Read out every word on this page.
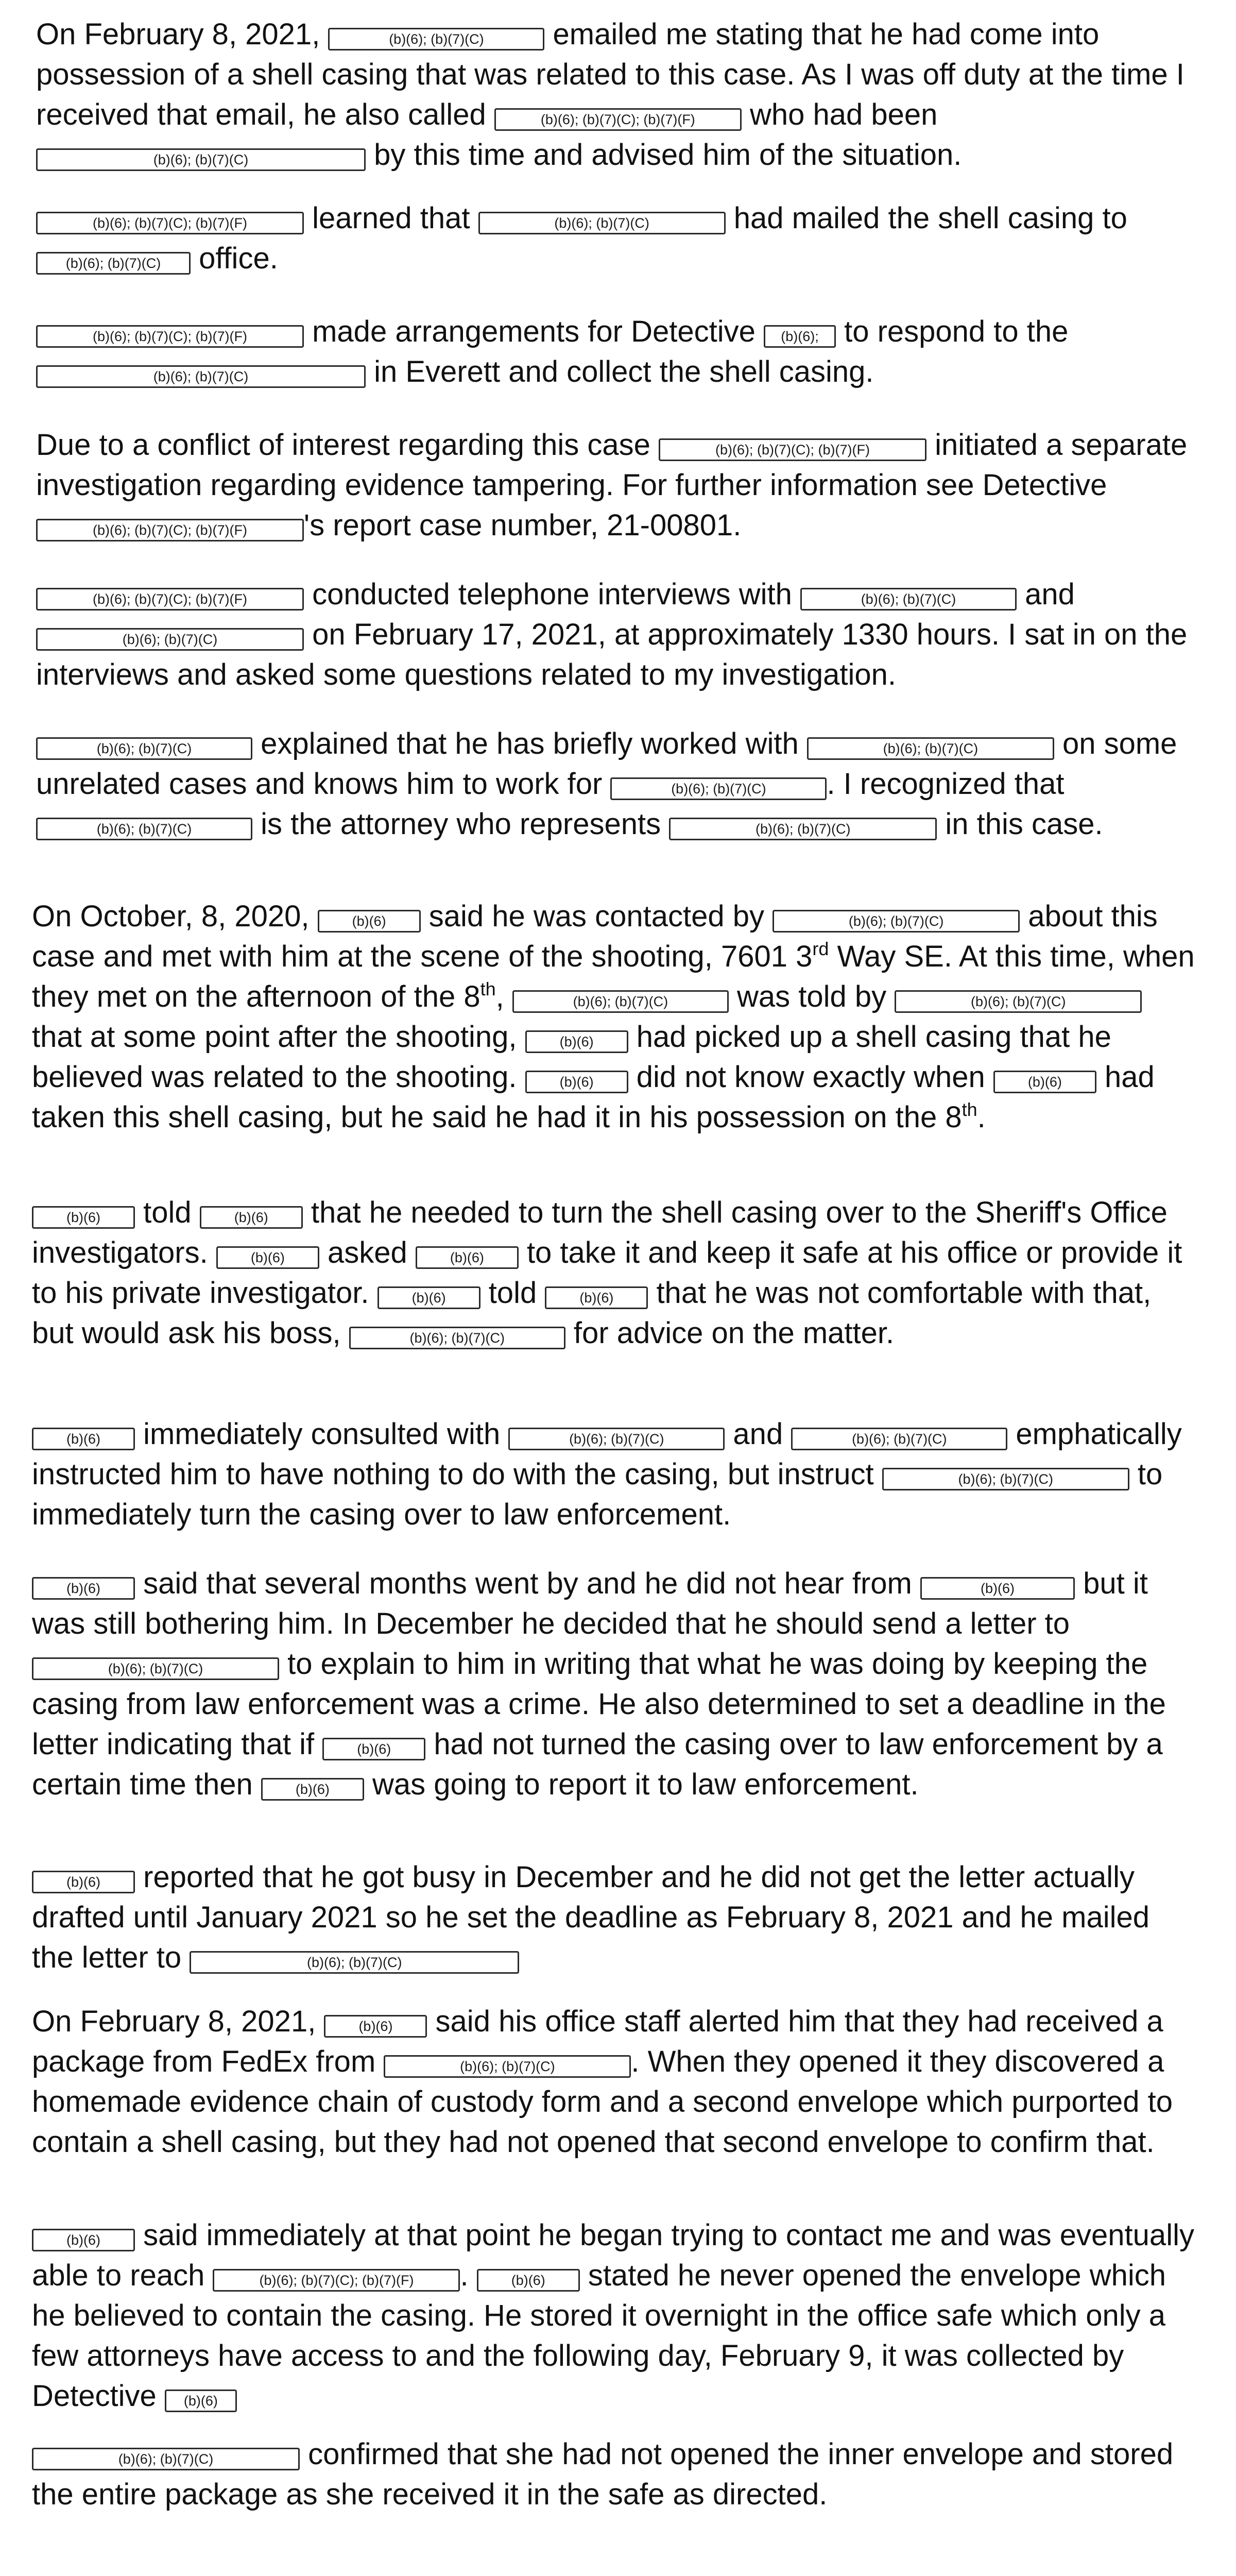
On February 8, 2021,	(b)(6); (b)(7)(C) emailed me stating that he had come into possession of a shell casing that was related to this case. As I was off duty at the time I received that email, he also called	(b)(6); (b)(7)(C); (b)(7)(F) who had been (b)(6); (b)(7)(C)	by this time and advised him of the situation.

(b)(6); (b)(7)(C); (b)(7)(F) learned that	(b)(6); (b)(7)(C)	had mailed the shell casing to (b)(6); (b)(7)(C) office.

(b)(6); (b)(7)(C); (b)(7)(F) made arrangements for Detective (b)(6); to respond to the (b)(6); (b)(7)(C)	in Everett and collect the shell casing.

Due to a conflict of interest regarding this case	(b)(6); (b)(7)(C); (b)(7)(F) initiated a separate investigation regarding evidence tampering. For further information see Detective (b)(6); (b)(7)(C); (b)(7)(F) 's report case number, 21-00801.

(b)(6); (b)(7)(C); (b)(7)(F) conducted telephone interviews with	(b)(6); (b)(7)(C) and (b)(6); (b)(7)(C)	on February 17, 2021, at approximately 1330 hours. I sat in on the interviews and asked some questions related to my investigation.

(b)(6); (b)(7)(C) explained that he has briefly worked with	(b)(6); (b)(7)(C)	on some unrelated cases and knows him to work for	(b)(6); (b)(7)(C) . I recognized that (b)(6); (b)(7)(C) is the attorney who represents	(b)(6); (b)(7)(C)	in this case.

On October, 8, 2020, (b)(6) said he was contacted by	(b)(6); (b)(7)(C)	about this case and met with him at the scene of the shooting, 7601 3rd Way SE. At this time, when they met on the afternoon of the 8th,	(b)(6); (b)(7)(C) was told by	(b)(6); (b)(7)(C) that at some point after the shooting, (b)(6) had picked up a shell casing that he believed was related to the shooting. (b)(6) did not know exactly when (b)(6) had taken this shell casing, but he said he had it in his possession on the 8th.

(b)(6) told (b)(6) that he needed to turn the shell casing over to the Sheriff's Office investigators. (b)(6) asked (b)(6) to take it and keep it safe at his office or provide it to his private investigator. (b)(6) told (b)(6) that he was not comfortable with that, but would ask his boss,	(b)(6); (b)(7)(C) for advice on the matter.

(b)(6) immediately consulted with	(b)(6); (b)(7)(C) and	(b)(6); (b)(7)(C) emphatically instructed him to have nothing to do with the casing, but instruct	(b)(6); (b)(7)(C)	to immediately turn the casing over to law enforcement.

(b)(6) said that several months went by and he did not hear from	(b)(6) but it was still bothering him. In December he decided that he should send a letter to (b)(6); (b)(7)(C)	to explain to him in writing that what he was doing by keeping the casing from law enforcement was a crime. He also determined to set a deadline in the letter indicating that if (b)(6) had not turned the casing over to law enforcement by a certain time then (b)(6) was going to report it to law enforcement.

(b)(6) reported that he got busy in December and he did not get the letter actually drafted until January 2021 so he set the deadline as February 8, 2021 and he mailed the letter to	(b)(6); (b)(7)(C)

On February 8, 2021, (b)(6) said his office staff alerted him that they had received a package from FedEx from	(b)(6); (b)(7)(C)	. When they opened it they discovered a homemade evidence chain of custody form and a second envelope which purported to contain a shell casing, but they had not opened that second envelope to confirm that.

(b)(6) said immediately at that point he began trying to contact me and was eventually able to reach	(b)(6); (b)(7)(C); (b)(7)(F) . (b)(6) stated he never opened the envelope which he believed to contain the casing. He stored it overnight in the office safe which only a few attorneys have access to and the following day, February 9, it was collected by Detective (b)(6)

(b)(6); (b)(7)(C)	confirmed that she had not opened the inner envelope and stored the entire package as she received it in the safe as directed.
